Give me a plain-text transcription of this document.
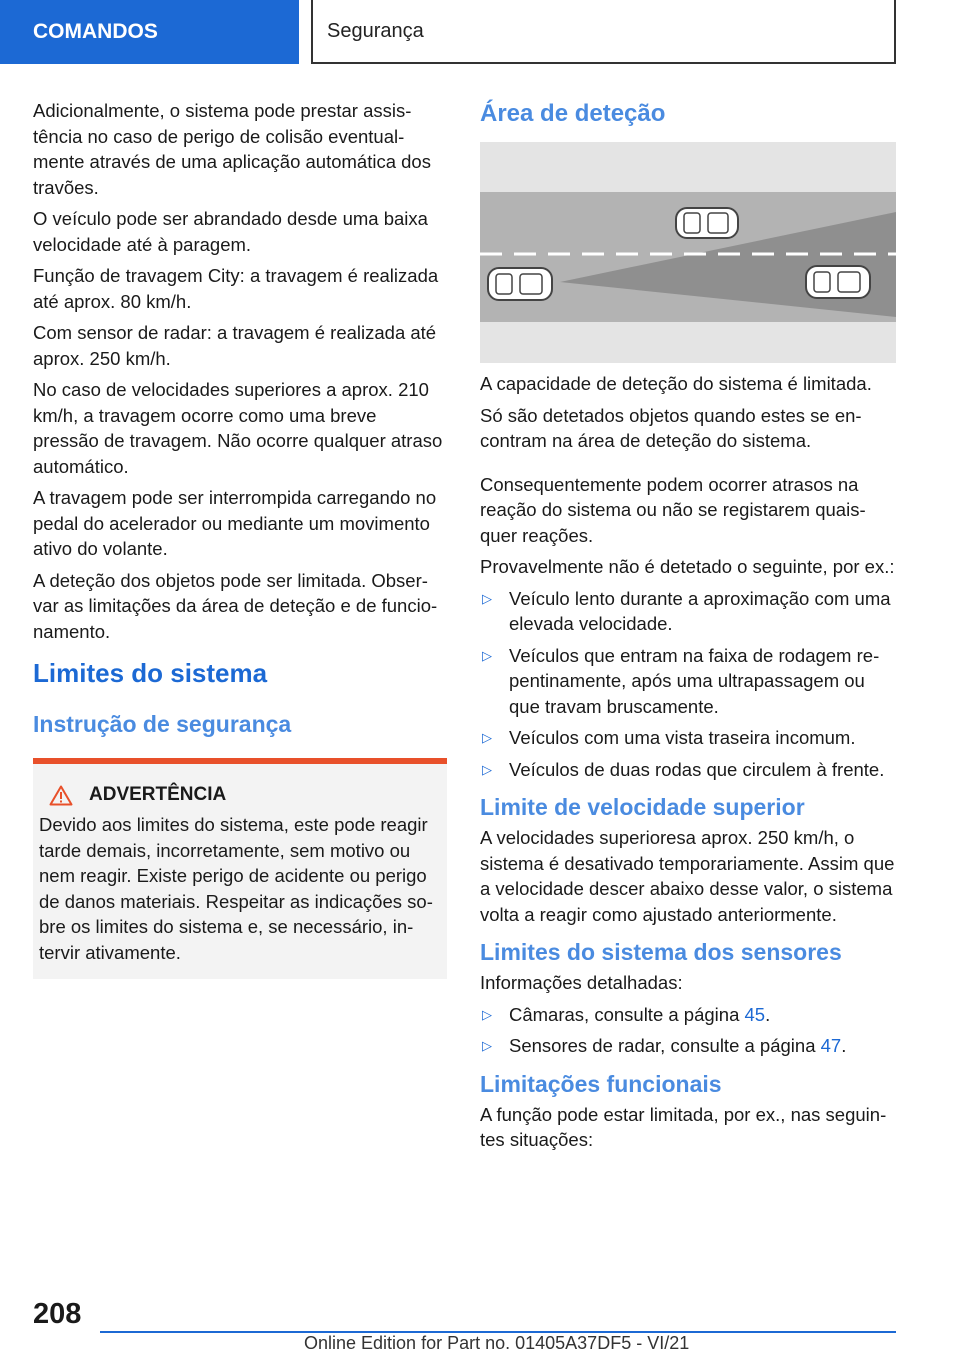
COMANDOS	Segurança

Adicionalmente, o sistema pode prestar assistência no caso de perigo de colisão eventualmente através de uma aplicação automática dos travões.

O veículo pode ser abrandado desde uma baixa velocidade até à paragem.

Função de travagem City: a travagem é realizada até aprox. 80 km/h.

Com sensor de radar: a travagem é realizada até aprox. 250 km/h.

No caso de velocidades superiores a aprox. 210 km/h, a travagem ocorre como uma breve pressão de travagem. Não ocorre qualquer atraso automático.

A travagem pode ser interrompida carregando no pedal do acelerador ou mediante um movimento ativo do volante.

A deteção dos objetos pode ser limitada. Observar as limitações da área de deteção e de funcionamento.

Limites do sistema
Instrução de segurança
ADVERTÊNCIA

Devido aos limites do sistema, este pode reagir tarde demais, incorretamente, sem motivo ou nem reagir. Existe perigo de acidente ou perigo de danos materiais. Respeitar as indicações sobre os limites do sistema e, se necessário, intervir ativamente.

Área de deteção

A capacidade de deteção do sistema é limitada.

Só são detetados objetos quando estes se encontram na área de deteção do sistema.

Consequentemente podem ocorrer atrasos na reação do sistema ou não se registarem quaisquer reações.

Provavelmente não é detetado o seguinte, por ex.:

▷ Veículo lento durante a aproximação com uma elevada velocidade.
▷ Veículos que entram na faixa de rodagem repentinamente, após uma ultrapassagem ou que travam bruscamente.
▷ Veículos com uma vista traseira incomum.
▷ Veículos de duas rodas que circulem à frente.
Limite de velocidade superior

A velocidades superioresa aprox. 250 km/h, o sistema é desativado temporariamente. Assim que a velocidade descer abaixo desse valor, o sistema volta a reagir como ajustado anteriormente.

Limites do sistema dos sensores

Informações detalhadas:

▷ Câmaras, consulte a página 45.
▷ Sensores de radar, consulte a página 47.
Limitações funcionais

A função pode estar limitada, por ex., nas seguintes situações:

208
Online Edition for Part no. 01405A37DF5 - VI/21
